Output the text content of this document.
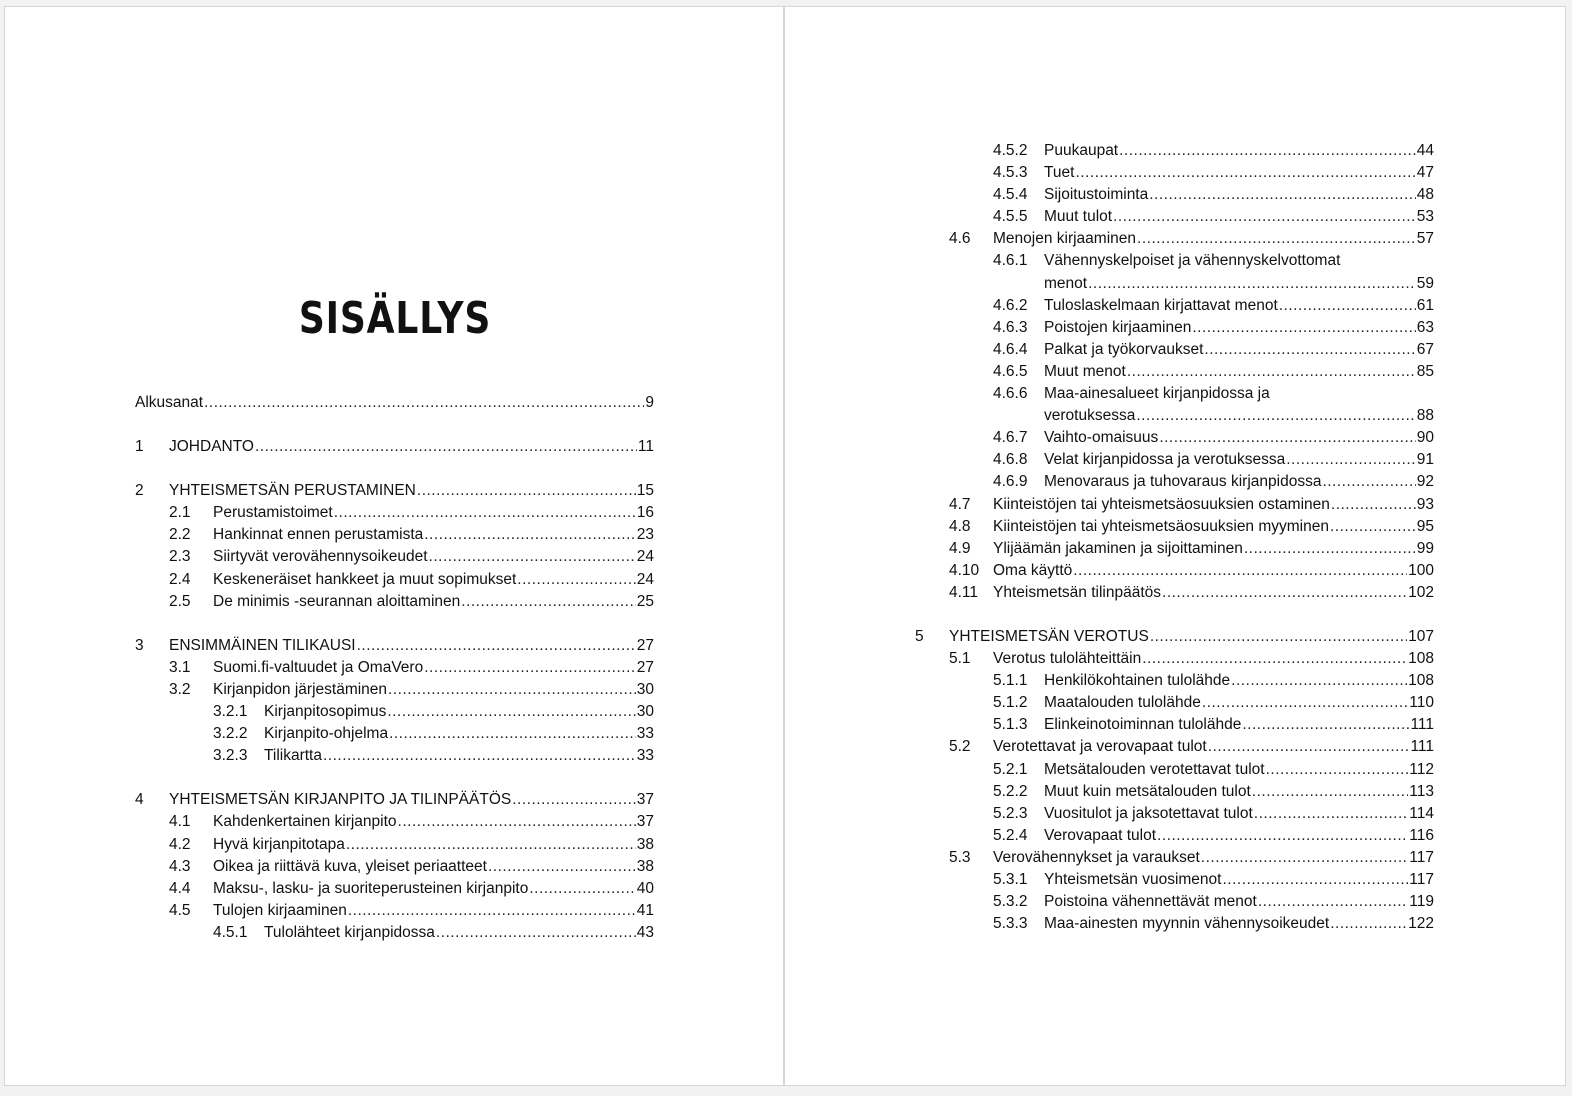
SISÄLLYS
Alkusanat .....	9
1	JOHDANTO .....	11
2	YHTEISMETSÄN PERUSTAMINEN .....	15
2.1	Perustamistoimet .....	16
2.2	Hankinnat ennen perustamista .....	23
2.3	Siirtyvät verovähennysoikeudet .....	24
2.4	Keskeneräiset hankkeet ja muut sopimukset .....	24
2.5	De minimis -seurannan aloittaminen .....	25
3	ENSIMMÄINEN TILIKAUSI .....	27
3.1	Suomi.fi-valtuudet ja OmaVero .....	27
3.2	Kirjanpidon järjestäminen .....	30
3.2.1	Kirjanpitosopimus .....	30
3.2.2	Kirjanpito-ohjelma .....	33
3.2.3	Tilikartta .....	33
4	YHTEISMETSÄN KIRJANPITO JA TILINPÄÄTÖS .....	37
4.1	Kahdenkertainen kirjanpito .....	37
4.2	Hyvä kirjanpitotapa .....	38
4.3	Oikea ja riittävä kuva, yleiset periaatteet .....	38
4.4	Maksu-, lasku- ja suoriteperusteinen kirjanpito .....	40
4.5	Tulojen kirjaaminen .....	41
4.5.1	Tulolähteet kirjanpidossa .....	43
4.5.2	Puukaupat .....	44
4.5.3	Tuet .....	47
4.5.4	Sijoitustoiminta .....	48
4.5.5	Muut tulot .....	53
4.6	Menojen kirjaaminen .....	57
4.6.1	Vähennyskelpoiset ja vähennyskelvottomat
menot .....	59
4.6.2	Tuloslaskelmaan kirjattavat menot .....	61
4.6.3	Poistojen kirjaaminen .....	63
4.6.4	Palkat ja työkorvaukset .....	67
4.6.5	Muut menot .....	85
4.6.6	Maa-ainesalueet kirjanpidossa ja
verotuksessa .....	88
4.6.7	Vaihto-omaisuus .....	90
4.6.8	Velat kirjanpidossa ja verotuksessa .....	91
4.6.9	Menovaraus ja tuhovaraus kirjanpidossa .....	92
4.7	Kiinteistöjen tai yhteismetsäosuuksien ostaminen .....	93
4.8	Kiinteistöjen tai yhteismetsäosuuksien myyminen .....	95
4.9	Ylijäämän jakaminen ja sijoittaminen .....	99
4.10 Oma käyttö .....	100
4.11 Yhteismetsän tilinpäätös .....	102
5	YHTEISMETSÄN VEROTUS .....	107
5.1	Verotus tulolähteittäin .....	108
5.1.1	Henkilökohtainen tulolähde .....	108
5.1.2	Maatalouden tulolähde .....	110
5.1.3	Elinkeinotoiminnan tulolähde .....	111
5.2	Verotettavat ja verovapaat tulot .....	111
5.2.1	Metsätalouden verotettavat tulot .....	112
5.2.2	Muut kuin metsätalouden tulot .....	113
5.2.3	Vuositulot ja jaksotettavat tulot .....	114
5.2.4	Verovapaat tulot .....	116
5.3	Verovähennykset ja varaukset .....	117
5.3.1	Yhteismetsän vuosimenot .....	117
5.3.2	Poistoina vähennettävät menot .....	119
5.3.3	Maa-ainesten myynnin vähennysoikeudet .....	122
